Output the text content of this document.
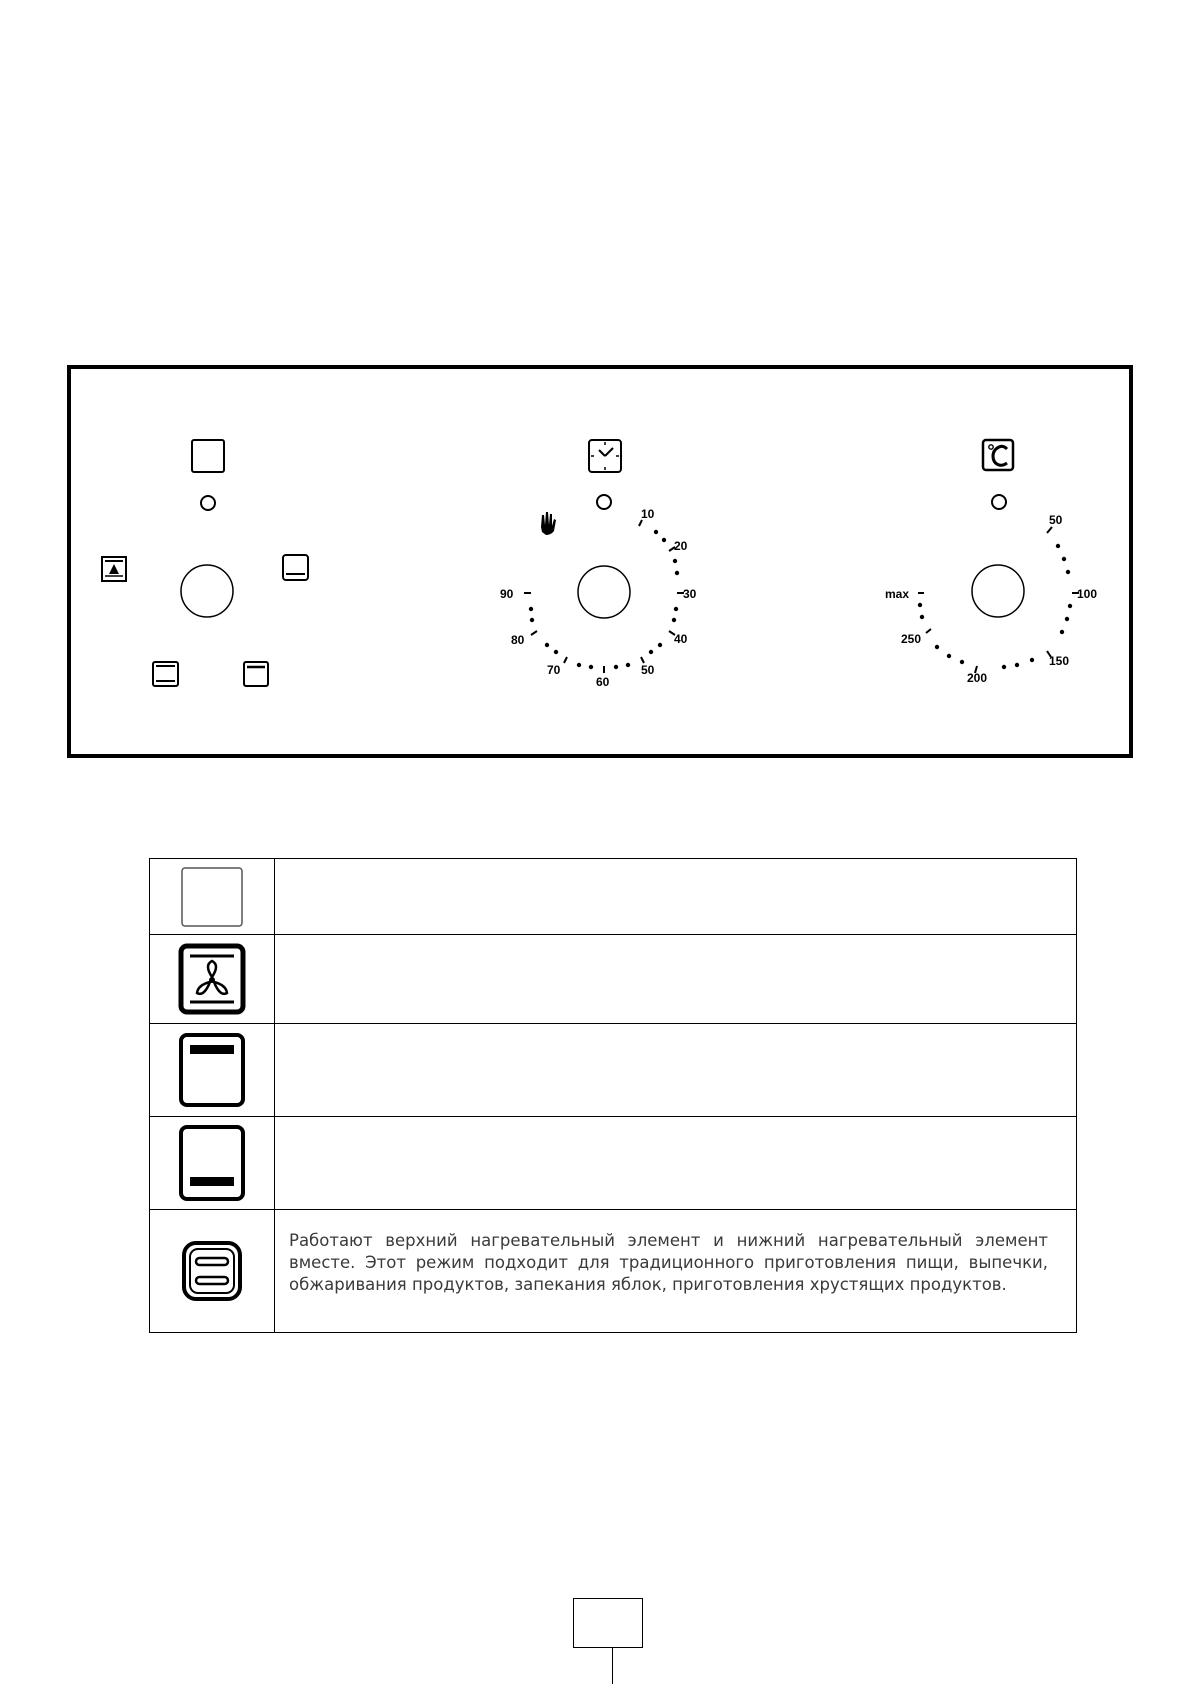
10
20
30
40
50
60
70
80
90
50
100
150
200
250
max

	Работают верхний нагревательный элемент и нижний нагревательный элемент вместе. Этот режим подходит для традиционного приготовления пищи, выпечки, обжаривания продуктов, запекания яблок, приготовления хрустящих продуктов.
